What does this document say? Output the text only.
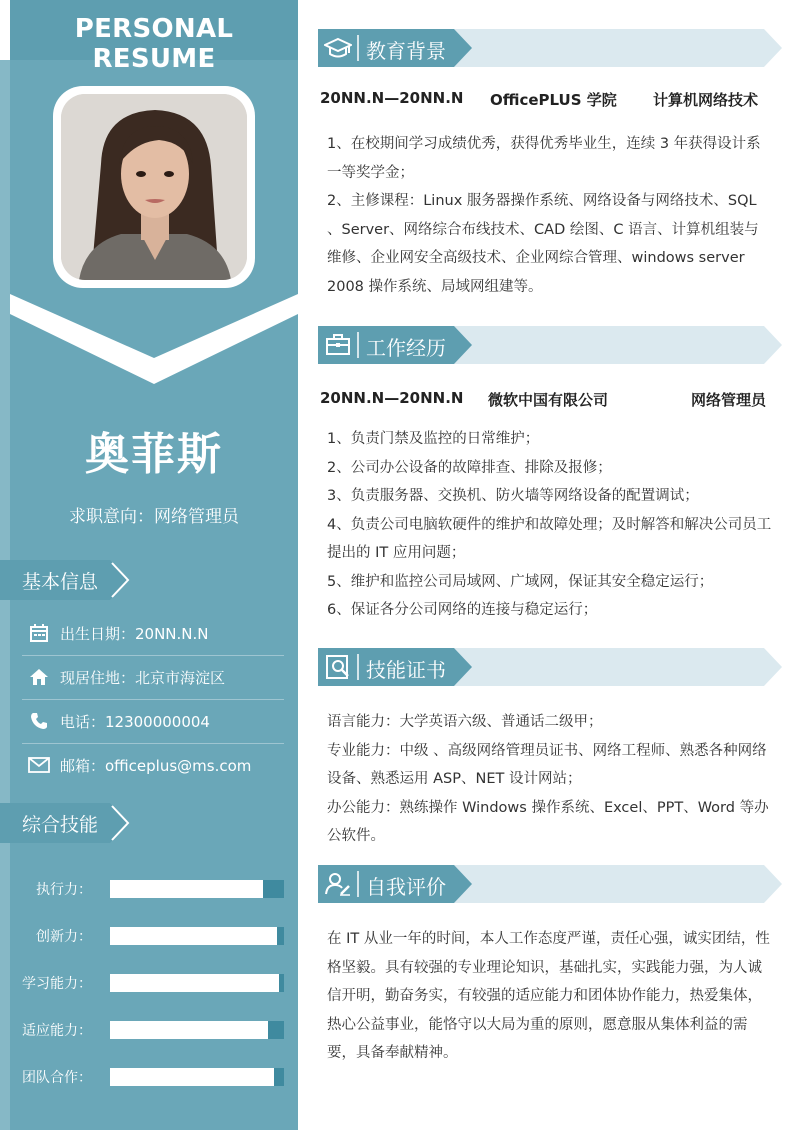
PERSONAL RESUME
奥菲斯
求职意向：网络管理员
基本信息
出生日期：20NN.N.N
现居住地：北京市海淀区
电话：12300000004
邮箱：officeplus@ms.com
综合技能
执行力：
创新力：
学习能力：
适应能力：
团队合作：
教育背景
20NN.N—20NN.N OfficePLUS 学院 计算机网络技术

1、在校期间学习成绩优秀，获得优秀毕业生，连续 3 年获得设计系一等奖学金；

2、主修课程：Linux 服务器操作系统、网络设备与网络技术、SQL 、Server、网络综合布线技术、CAD 绘图、C 语言、计算机组装与维修、企业网安全高级技术、企业网综合管理、windows server 2008 操作系统、局域网组建等。

工作经历
20NN.N—20NN.N 微软中国有限公司	网络管理员

1、负责门禁及监控的日常维护；

2、公司办公设备的故障排查、排除及报修；

3、负责服务器、交换机、防火墙等网络设备的配置调试；

4、负责公司电脑软硬件的维护和故障处理；及时解答和解决公司员工提出的 IT 应用问题；

5、维护和监控公司局域网、广域网，保证其安全稳定运行；

6、保证各分公司网络的连接与稳定运行；

技能证书

语言能力：大学英语六级、普通话二级甲；

专业能力：中级 、高级网络管理员证书、网络工程师、熟悉各种网络设备、熟悉运用 ASP、NET 设计网站；

办公能力：熟练操作 Windows 操作系统、Excel、PPT、Word 等办公软件。

自我评价
在 IT 从业一年的时间，本人工作态度严谨，责任心强，诚实团结，性格坚毅。具有较强的专业理论知识，基础扎实，实践能力强，为人诚信开明，勤奋务实，有较强的适应能力和团体协作能力，热爱集体，热心公益事业，能恪守以大局为重的原则，愿意服从集体利益的需要，具备奉献精神。
